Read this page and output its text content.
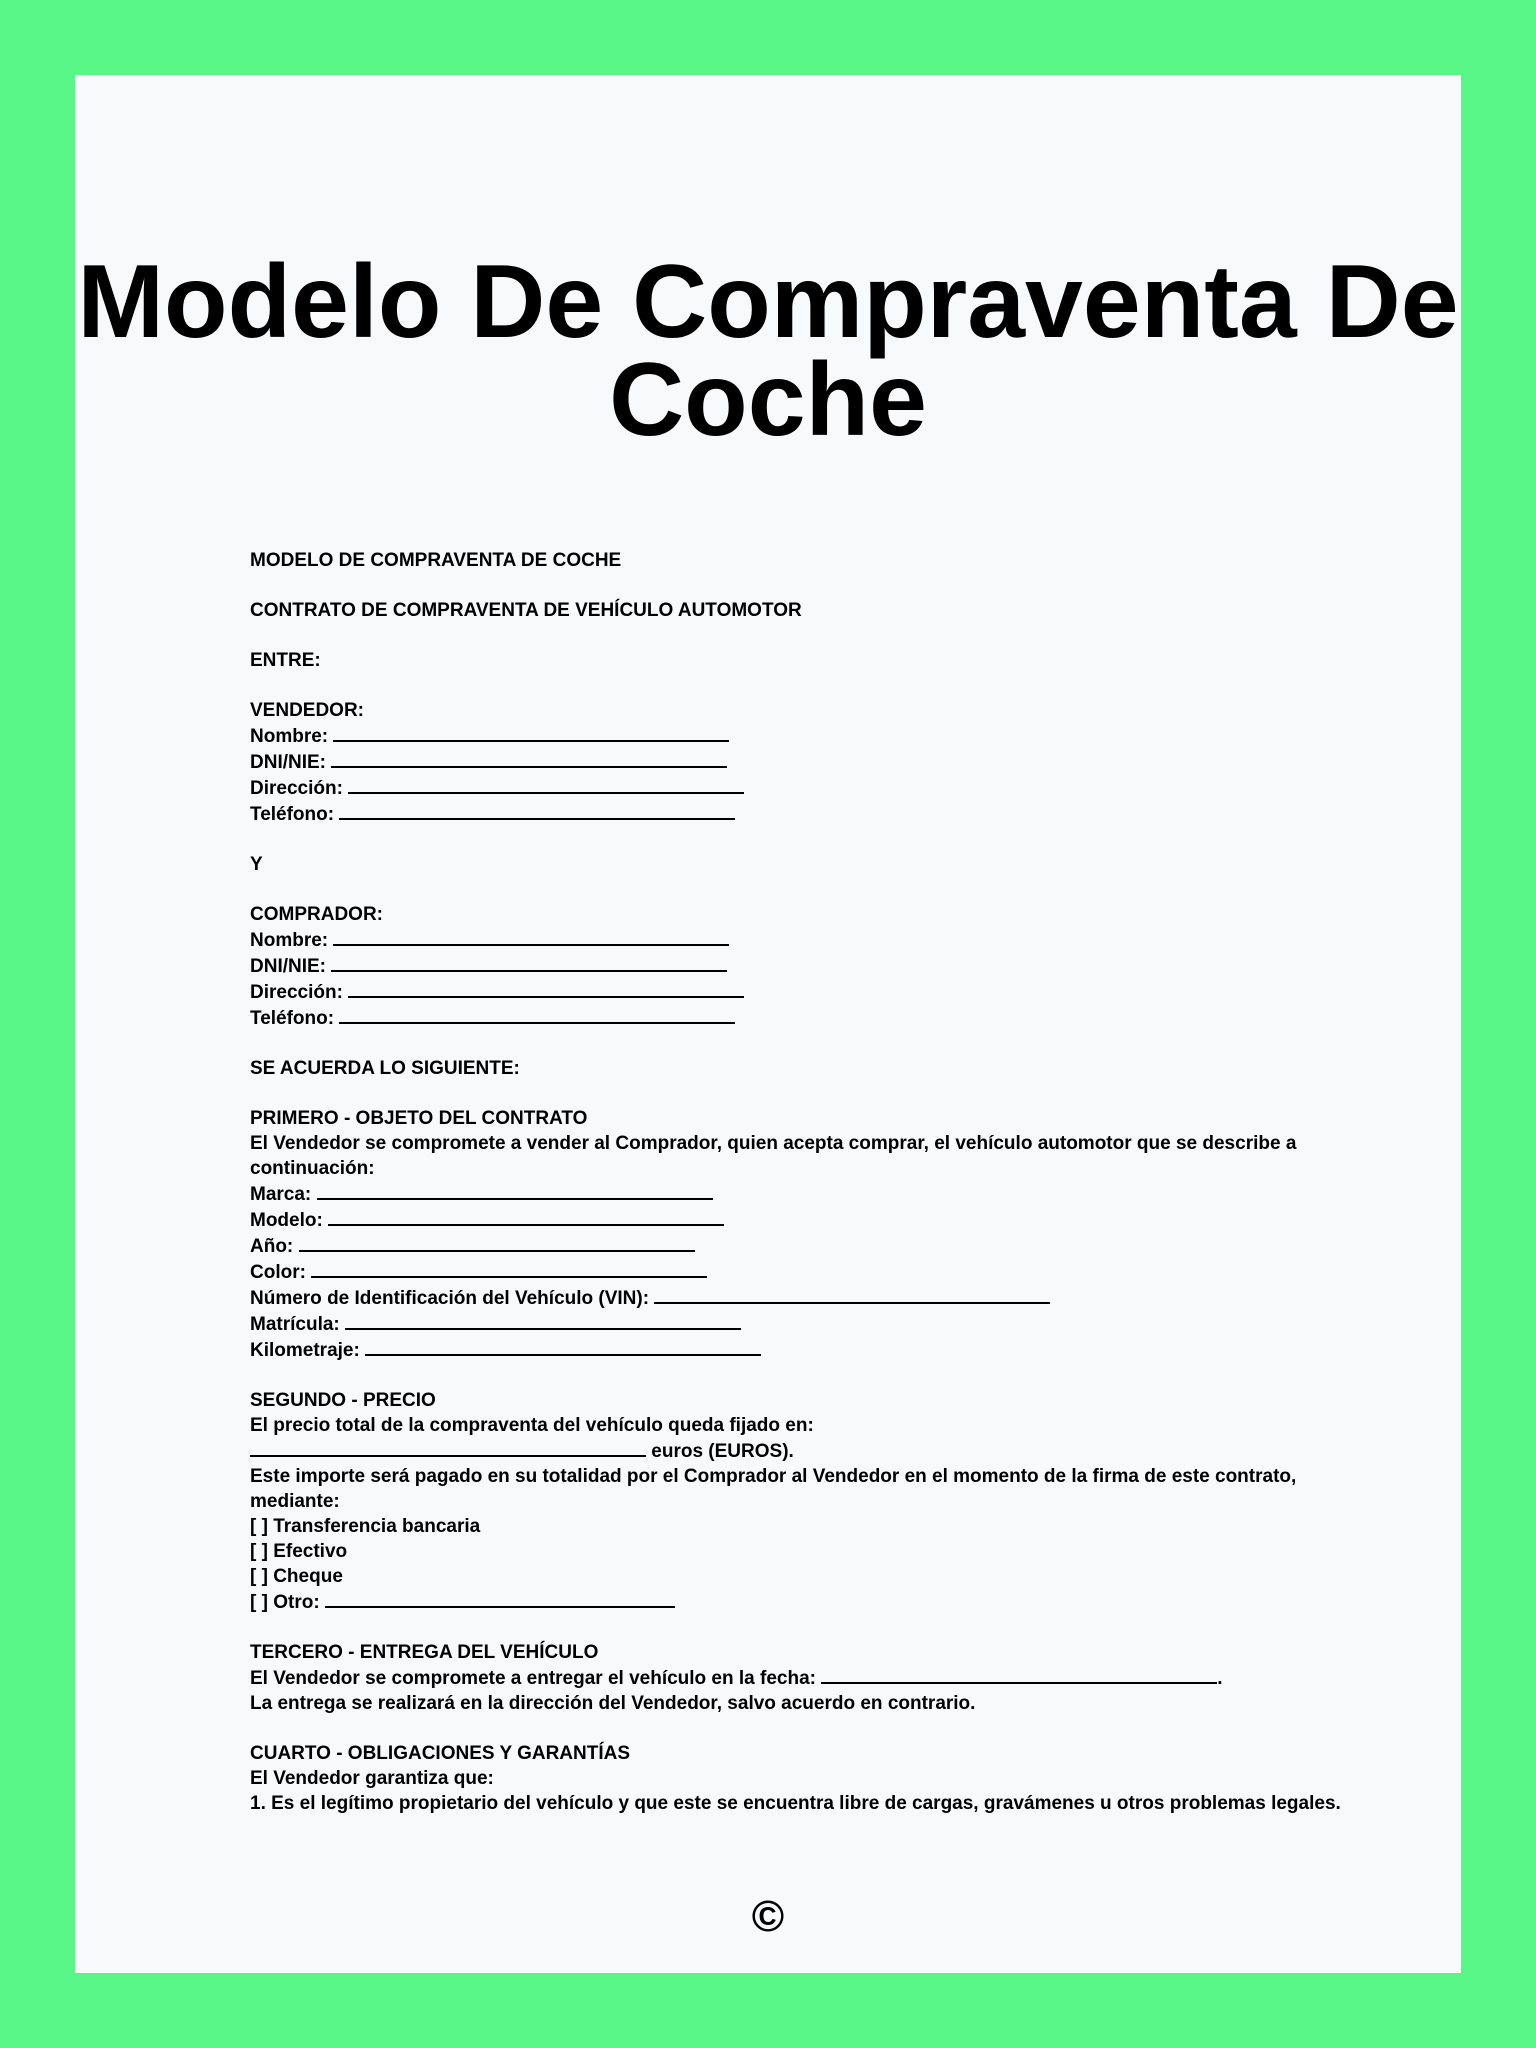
Modelo De Compraventa De Coche
MODELO DE COMPRAVENTA DE COCHE
CONTRATO DE COMPRAVENTA DE VEHÍCULO AUTOMOTOR
ENTRE:
VENDEDOR:
Nombre:
DNI/NIE:
Dirección:
Teléfono:
Y
COMPRADOR:
Nombre:
DNI/NIE:
Dirección:
Teléfono:
SE ACUERDA LO SIGUIENTE:
PRIMERO - OBJETO DEL CONTRATO
El Vendedor se compromete a vender al Comprador, quien acepta comprar, el vehículo automotor que se describe a continuación:
Marca:
Modelo:
Año:
Color:
Número de Identificación del Vehículo (VIN):
Matrícula:
Kilometraje:
SEGUNDO - PRECIO
El precio total de la compraventa del vehículo queda fijado en:
euros (EUROS).
Este importe será pagado en su totalidad por el Comprador al Vendedor en el momento de la firma de este contrato, mediante:
[ ] Transferencia bancaria
[ ] Efectivo
[ ] Cheque
[ ] Otro:
TERCERO - ENTREGA DEL VEHÍCULO
El Vendedor se compromete a entregar el vehículo en la fecha:	.
La entrega se realizará en la dirección del Vendedor, salvo acuerdo en contrario.
CUARTO - OBLIGACIONES Y GARANTÍAS
El Vendedor garantiza que:
1. Es el legítimo propietario del vehículo y que este se encuentra libre de cargas, gravámenes u otros problemas legales.
©
